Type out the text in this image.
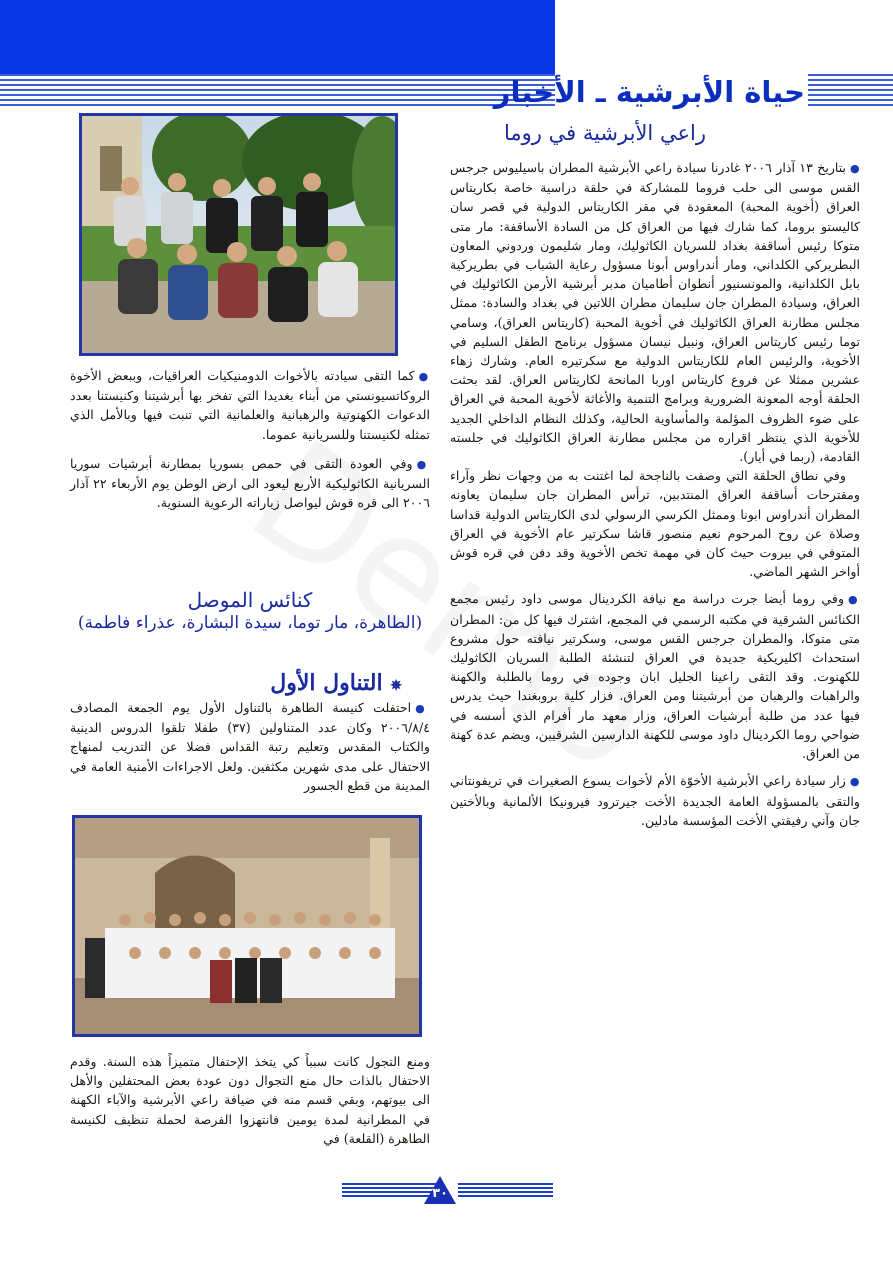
حياة الأبرشية ـ الأخبار
راعي الأبرشية في روما

●بتاريخ ١٣ آذار ٢٠٠٦ غادرنا سيادة راعي الأبرشية المطران باسيليوس جرجس القس موسى الى حلب فروما للمشاركة في حلقة دراسية خاصة بكاريتاس العراق (أخوية المحبة) المعقودة في مقر الكاريتاس الدولية في قصر سان كاليستو بروما، كما شارك فيها من العراق كل من السادة الأساقفة: مار متى متوكا رئيس أساقفة بغداد للسريان الكاثوليك، ومار شليمون وردوني المعاون البطريركي الكلداني، ومار أندراوس أبونا مسؤول رعاية الشباب في بطريركية بابل الكلدانية، والمونسنيور أنطوان أطاميان مدبر أبرشية الأرمن الكاثوليك في العراق، وسيادة المطران جان سليمان مطران اللاتين في بغداد والسادة: ممثل مجلس مطارنة العراق الكاثوليك في أخوية المحبة (كاريتاس العراق)، وسامي توما رئيس كاريتاس العراق، ونبيل نيسان مسؤول برنامج الطفل السليم في الأخوية، والرئيس العام للكاريتاس الدولية مع سكرتيره العام. وشارك زهاء عشرين ممثلا عن فروع كاريتاس اوربا المانحة لكاريتاس العراق. لقد بحثت الحلقة أوجه المعونة الضرورية وبرامج التنمية والأغاثة لأخوية المحبة في العراق على ضوء الظروف المؤلمة والمأساوية الحالية، وكذلك النظام الداخلي الجديد للأخوية الذي ينتظر اقراره من مجلس مطارنة العراق الكاثوليك في جلسته القادمة، (ربما في أيار).

وفي نطاق الحلقة التي وصفت بالناجحة لما اغتنت به من وجهات نظر وآراء ومقترحات أساقفة العراق المنتدبين، ترأس المطران جان سليمان يعاونه المطران أندراوس ابونا وممثل الكرسي الرسولي لدى الكاريتاس الدولية قداسا وصلاة عن روح المرحوم نعيم منصور قاشا سكرتير عام الأخوية في العراق المتوفي في بيروت حيث كان في مهمة تخص الأخوية وقد دفن في قره قوش أواخر الشهر الماضي.

●وفي روما أيضا جرت دراسة مع نيافة الكردينال موسى داود رئيس مجمع الكنائس الشرقية في مكتبه الرسمي في المجمع، اشترك فيها كل من: المطران متى متوكا، والمطران جرجس القس موسى، وسكرتير نيافته حول مشروع استحداث اكليريكية جديدة في العراق لتنشئة الطلبة السريان الكاثوليك للكهنوت. وقد التقى راعينا الجليل ابان وجوده في روما بالطلبة والكهنة والراهبات والرهبان من أبرشيتنا ومن العراق. فزار كلية بروبغندا حيث يدرس فيها عدد من طلبة أبرشيات العراق، وزار معهد مار أفرام الذي أسسه في ضواحي روما الكردينال داود موسى للكهنة الدارسين الشرقيين، ويضم عدة كهنة من العراق.

●زار سيادة راعي الأبرشية الأخوّة الأم لأخوات يسوع الصغيرات في تريفونتاني والتقى بالمسؤولة العامة الجديدة الأخت جيرترود فيرونيكا الألمانية وبالأختين جان وآني رفيقتي الأخت المؤسسة مادلين.

●كما التقى سيادته بالأخوات الدومنيكيات العراقيات، وببعض الأخوة الروكاتسيونستي من أبناء بغديدا التي تفخر بها أبرشيتنا وكنيستنا بعدد الدعوات الكهنوتية والرهبانية والعلمانية التي تنبت فيها وبالأمل الذي تمثله لكنيستنا وللسريانية عموما.

●وفي العودة التقى في حمص بسوريا بمطارنة أبرشيات سوريا السريانية الكاثوليكية الأربع ليعود الى ارض الوطن يوم الأربعاء ٢٢ آذار ٢٠٠٦ الى قره قوش ليواصل زياراته الرعوية السنوية.

كنائس الموصل
(الطاهرة، مار توما، سيدة البشارة، عذراء فاطمة)
✵ التناول الأول

●احتفلت كنيسة الطاهرة بالتناول الأول يوم الجمعة المصادف ٢٠٠٦/٨/٤ وكان عدد المتناولين (٣٧) طفلا تلقوا الدروس الدينية والكتاب المقدس وتعليم رتبة القداس فضلا عن التدريب لمنهاج الاحتفال على مدى شهرين مكثفين. ولعل الاجراءات الأمنية العامة في المدينة من قطع الجسور

ومنع التجول كانت سبباً كي يتخذ الإحتفال متميزاً هذه السنة. وقدم الاحتفال بالذات حال منع التجوال دون عودة بعض المحتفلين والأهل الى بيوتهم، وبقي قسم منه في ضيافة راعي الأبرشية والآباء الكهنة في المطرانية لمدة يومين فانتهزوا الفرصة لحملة تنظيف لكنيسة الطاهرة (القلعة) في

٣٠
